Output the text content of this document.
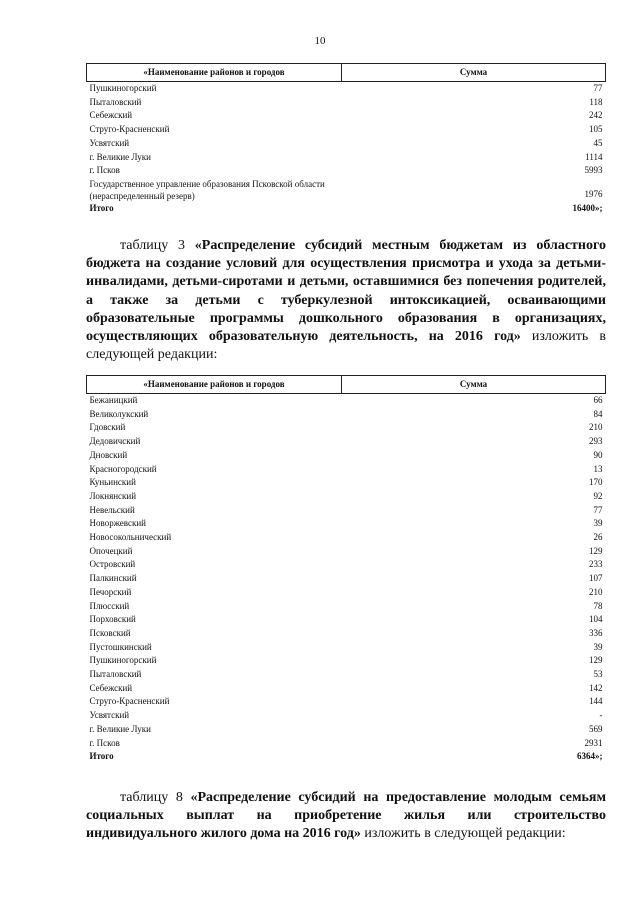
10
«Наименование районов и городов	Сумма
Пушкиногорский	77
Пыталовский	118
Себежский	242
Струго-Красненский	105
Усвятский	45
г. Великие Луки	1114
г. Псков	5993
Государственное управление образования Псковской области (нераспределенный резерв)	1976
Итого	16400»;

таблицу 3 «Распределение субсидий местным бюджетам из областного бюджета на создание условий для осуществления присмотра и ухода за детьми-инвалидами, детьми-сиротами и детьми, оставшимися без попечения родителей, а также за детьми с туберкулезной интоксикацией, осваивающими образовательные программы дошкольного образования в организациях, осуществляющих образовательную деятельность, на 2016 год» изложить в следующей редакции:

«Наименование районов и городов	Сумма
Бежаницкий	66
Великолукский	84
Гдовский	210
Дедовичский	293
Дновский	90
Красногородский	13
Куньинский	170
Локнянский	92
Невельский	77
Новоржевский	39
Новосокольнический	26
Опочецкий	129
Островский	233
Палкинский	107
Печорский	210
Плюсский	78
Порховский	104
Псковский	336
Пустошкинский	39
Пушкиногорский	129
Пыталовский	53
Себежский	142
Струго-Красненский	144
Усвятский	-
г. Великие Луки	569
г. Псков	2931
Итого	6364»;

таблицу 8 «Распределение субсидий на предоставление молодым семьям социальных выплат на приобретение жилья или строительство индивидуального жилого дома на 2016 год» изложить в следующей редакции:
